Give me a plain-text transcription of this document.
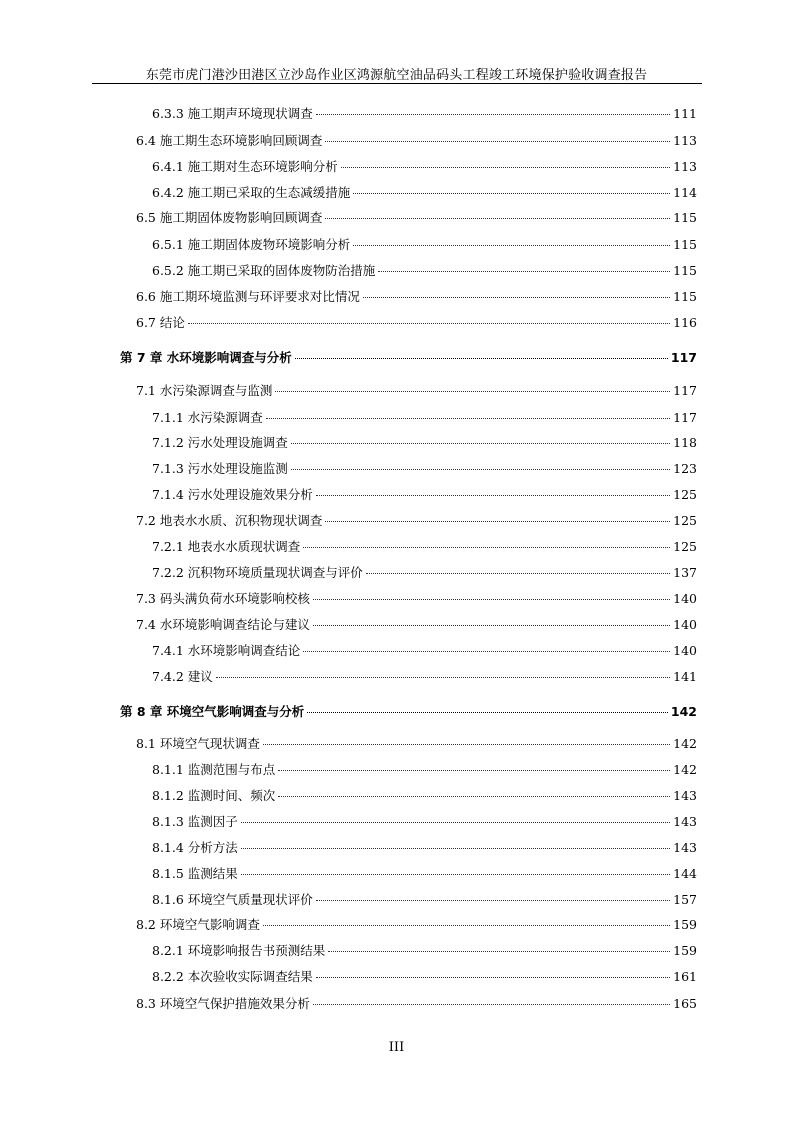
东莞市虎门港沙田港区立沙岛作业区鸿源航空油品码头工程竣工环境保护验收调查报告
6.3.3 施工期声环境现状调查	111
6.4 施工期生态环境影响回顾调查	113
6.4.1 施工期对生态环境影响分析	113
6.4.2 施工期已采取的生态减缓措施	114
6.5 施工期固体废物影响回顾调查	115
6.5.1 施工期固体废物环境影响分析	115
6.5.2 施工期已采取的固体废物防治措施	115
6.6 施工期环境监测与环评要求对比情况	115
6.7 结论	116
第 7 章 水环境影响调查与分析	117
7.1 水污染源调查与监测	117
7.1.1 水污染源调查	117
7.1.2 污水处理设施调查	118
7.1.3 污水处理设施监测	123
7.1.4 污水处理设施效果分析	125
7.2 地表水水质、沉积物现状调查	125
7.2.1 地表水水质现状调查	125
7.2.2 沉积物环境质量现状调查与评价	137
7.3 码头满负荷水环境影响校核	140
7.4 水环境影响调查结论与建议	140
7.4.1 水环境影响调查结论	140
7.4.2 建议	141
第 8 章 环境空气影响调查与分析	142
8.1 环境空气现状调查	142
8.1.1 监测范围与布点	142
8.1.2 监测时间、频次	143
8.1.3 监测因子	143
8.1.4 分析方法	143
8.1.5 监测结果	144
8.1.6 环境空气质量现状评价	157
8.2 环境空气影响调查	159
8.2.1 环境影响报告书预测结果	159
8.2.2 本次验收实际调查结果	161
8.3 环境空气保护措施效果分析	165
III
